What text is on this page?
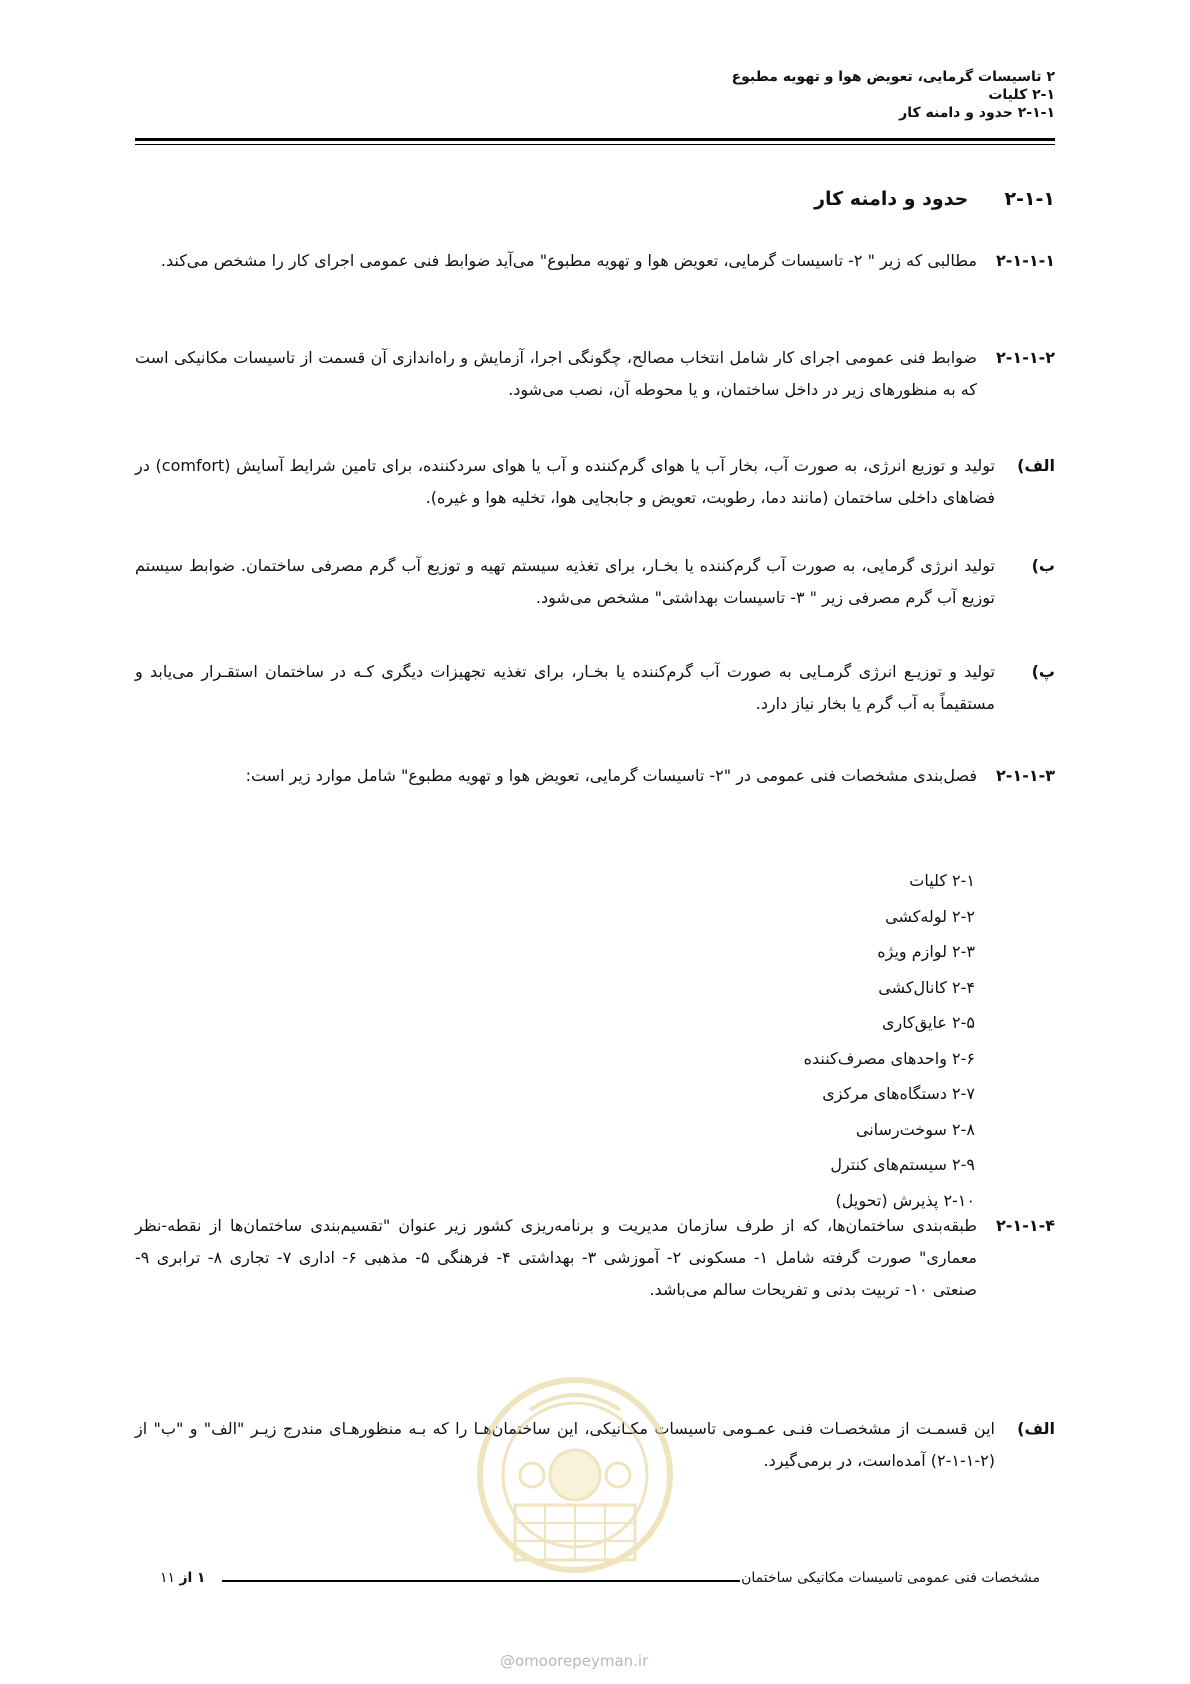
۲ تاسیسات گرمایی، تعویض هوا و تهویه مطبوع
۲-۱ کلیات
۲-۱-۱ حدود و دامنه کار
۲-۱-۱ حدود و دامنه کار
۲-۱-۱-۱
مطالبی که زیر " ۲- تاسیسات گرمایی، تعویض هوا و تهویه مطبوع" می‌آید ضوابط فنی عمومی اجرای کار را مشخص می‌کند.
۲-۱-۱-۲
ضوابط فنی عمومی اجرای کار شامل انتخاب مصالح، چگونگی اجرا، آزمایش و راه‌اندازی آن قسمت از تاسیسات مکانیکی است که به منظورهای زیر در داخل ساختمان، و یا محوطه آن، نصب می‌شود.
الف)
تولید و توزیع انرژی، به صورت آب، بخار آب یا هوای گرم‌کننده و آب یا هوای سردکننده، برای تامین شرایط آسایش (comfort) در فضاهای داخلی ساختمان (مانند دما، رطوبت، تعویض و جابجایی هوا، تخلیه هوا و غیره).
ب)
تولید انرژی گرمایی، به صورت آب گرم‌کننده یا بخـار، برای تغذیه سیستم تهیه و توزیع آب گرم مصرفی ساختمان. ضوابط سیستم توزیع آب گرم مصرفی زیر " ۳- تاسیسات بهداشتی" مشخص می‌شود.
پ)
تولید و توزیـع انرژی گرمـایی به صورت آب گرم‌کننده یا بخـار، برای تغذیه تجهیزات دیگری کـه در ساختمان استقـرار می‌یابد و مستقیماً به آب گرم یا بخار نیاز دارد.
۲-۱-۱-۳
فصل‌بندی مشخصات فنی عمومی در "۲- تاسیسات گرمایی، تعویض هوا و تهویه مطبوع" شامل موارد زیر است:
۲-۱ کلیات
۲-۲ لوله‌کشی
۲-۳ لوازم ویژه
۲-۴ کانال‌کشی
۲-۵ عایق‌کاری
۲-۶ واحدهای مصرف‌کننده
۲-۷ دستگاه‌های مرکزی
۲-۸ سوخت‌رسانی
۲-۹ سیستم‌های کنترل
۲-۱۰ پذیرش (تحویل)
۲-۱-۱-۴
طبقه‌بندی ساختمان‌ها، که از طرف سازمان مدیریت و برنامه‌ریزی کشور زیر عنوان "تقسیم‌بندی ساختمان‌ها از نقطه-نظر معماری" صورت گرفته شامل ۱- مسکونی ۲- آموزشی ۳- بهداشتی ۴- فرهنگی ۵- مذهبی ۶- اداری ۷- تجاری ۸- ترابری ۹- صنعتی ۱۰- تربیت بدنی و تفریحات سالم می‌باشد.
الف)
این قسمـت از مشخصـات فنـی عمـومی تاسیسات مکـانیکی، این ساختمان‌هـا را که بـه منظورهـای مندرج زیـر "الف" و "ب" از (۲-۱-۱-۲) آمده‌است، در برمی‌گیرد.
مشخصات فنی عمومی تاسیسات مکانیکی ساختمان
۱ از ۱۱
@omoorepeyman.ir
